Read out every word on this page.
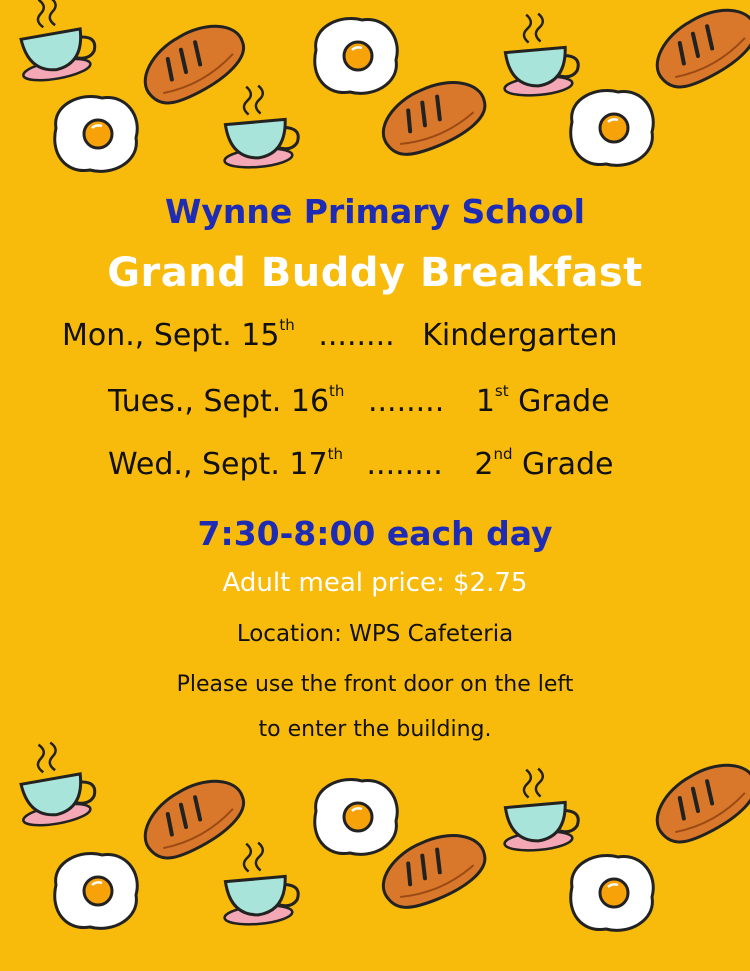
Wynne Primary School
Grand Buddy Breakfast
Mon., Sept. 15th ........ Kindergarten
Tues., Sept. 16th ........ 1st Grade
Wed., Sept. 17th ........ 2nd Grade
7:30-8:00 each day
Adult meal price: $2.75
Location: WPS Cafeteria
Please use the front door on the left
to enter the building.
